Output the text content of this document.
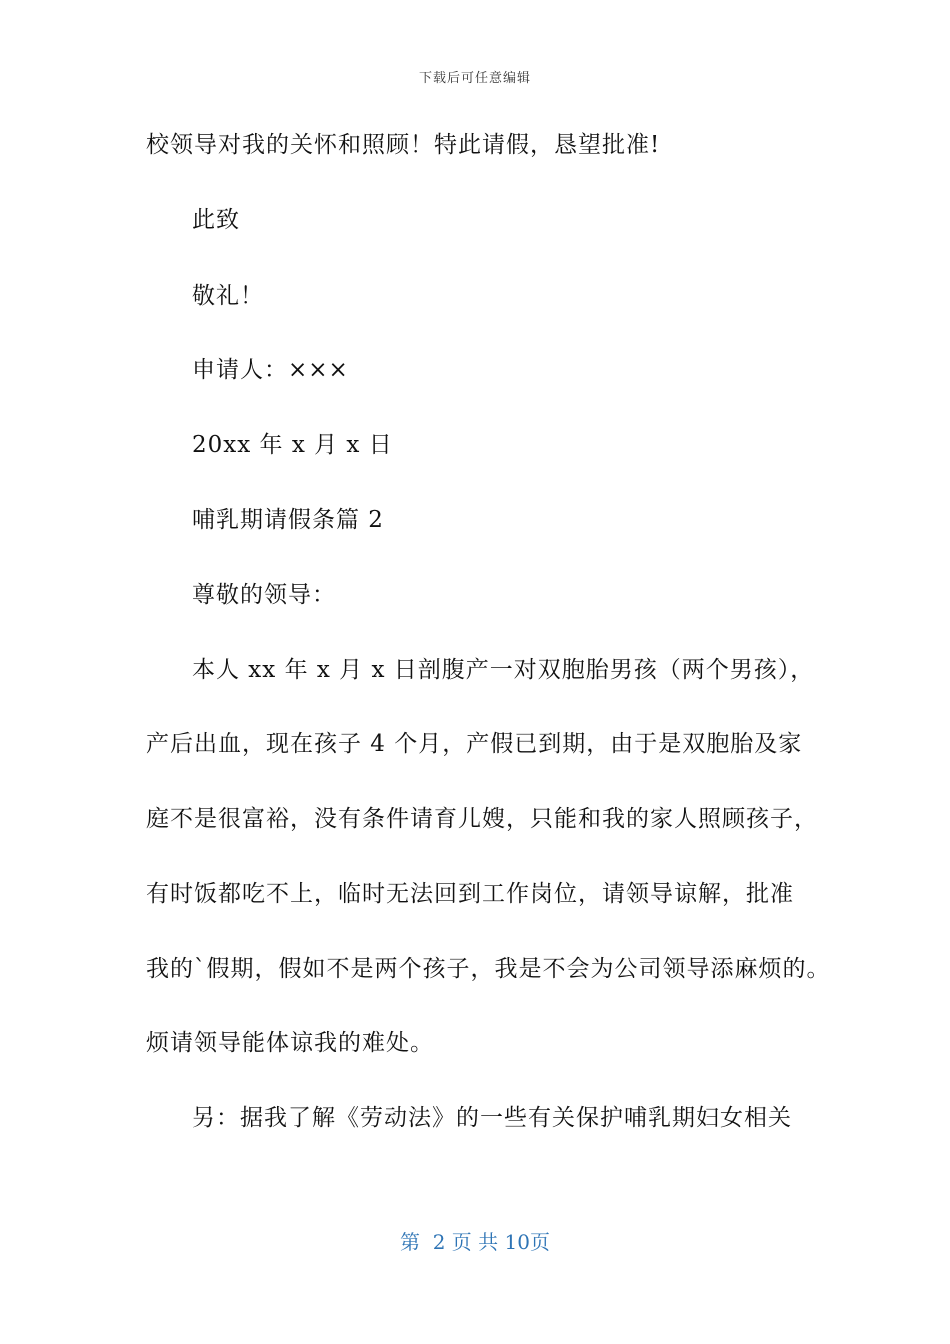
下载后可任意编辑
校领导对我的关怀和照顾！特此请假，恳望批准!
此致
敬礼！
申请人：×××
20xx 年 x 月 x 日
哺乳期请假条篇 2
尊敬的领导：
本人 xx 年 x 月 x 日剖腹产一对双胞胎男孩（两个男孩），
产后出血，现在孩子 4 个月，产假已到期，由于是双胞胎及家
庭不是很富裕，没有条件请育儿嫂，只能和我的家人照顾孩子，
有时饭都吃不上，临时无法回到工作岗位，请领导谅解，批准
我的`假期，假如不是两个孩子，我是不会为公司领导添麻烦的。
烦请领导能体谅我的难处。
另：据我了解《劳动法》的一些有关保护哺乳期妇女相关
第  2 页 共 10页
